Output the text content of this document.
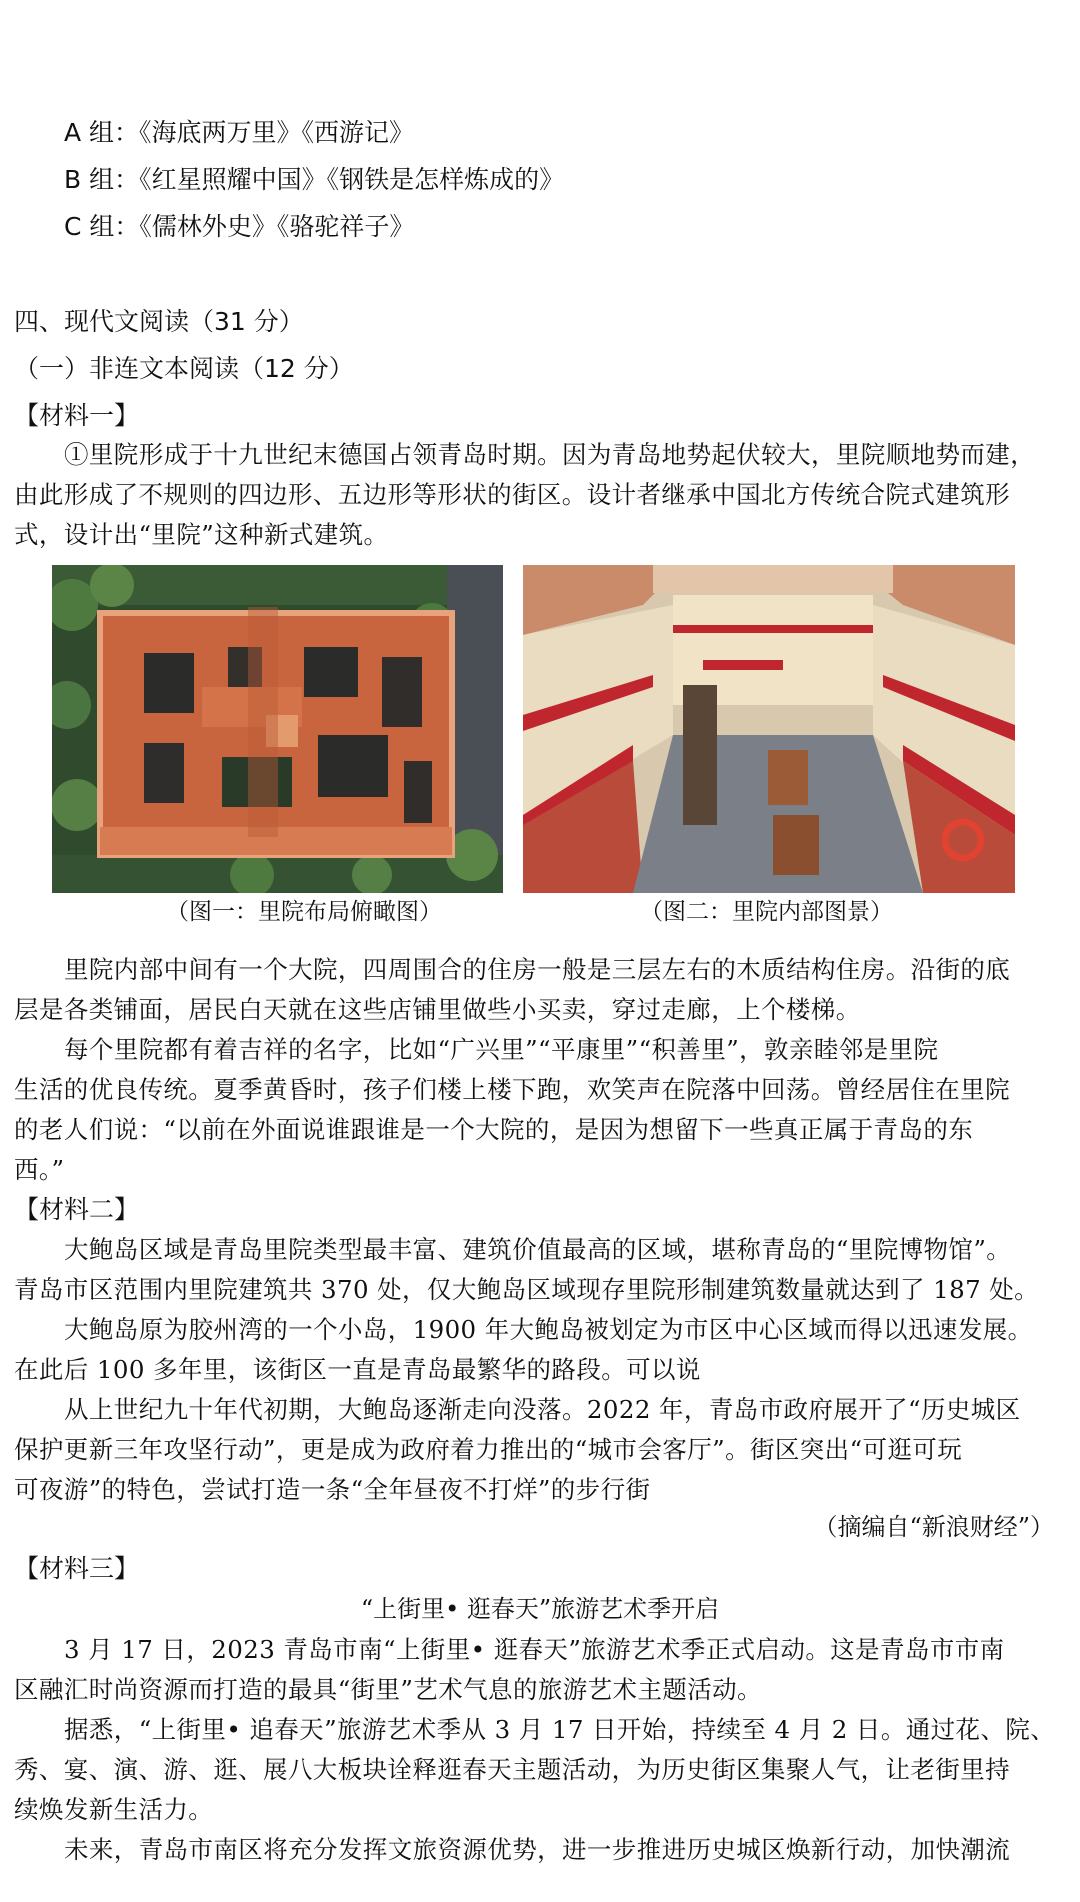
A 组：《海底两万里》《西游记》
B 组：《红星照耀中国》《钢铁是怎样炼成的》
C 组：《儒林外史》《骆驼祥子》
四、现代文阅读（31 分）
（一）非连文本阅读（12 分）
【材料一】
①里院形成于十九世纪末德国占领青岛时期。因为青岛地势起伏较大，里院顺地势而建，
由此形成了不规则的四边形、五边形等形状的街区。设计者继承中国北方传统合院式建筑形
式，设计出“里院”这种新式建筑。
（图一：里院布局俯瞰图）	（图二：里院内部图景）
里院内部中间有一个大院，四周围合的住房一般是三层左右的木质结构住房。沿街的底
层是各类铺面，居民白天就在这些店铺里做些小买卖，穿过走廊，上个楼梯。
每个里院都有着吉祥的名字，比如“广兴里”“平康里”“积善里”，敦亲睦邻是里院
生活的优良传统。夏季黄昏时，孩子们楼上楼下跑，欢笑声在院落中回荡。曾经居住在里院
的老人们说：“以前在外面说谁跟谁是一个大院的，是因为想留下一些真正属于青岛的东
西。”
【材料二】
大鲍岛区域是青岛里院类型最丰富、建筑价值最高的区域，堪称青岛的“里院博物馆”。
青岛市区范围内里院建筑共 370 处，仅大鲍岛区域现存里院形制建筑数量就达到了 187 处。
大鲍岛原为胶州湾的一个小岛，1900 年大鲍岛被划定为市区中心区域而得以迅速发展。
在此后 100 多年里，该街区一直是青岛最繁华的路段。可以说
从上世纪九十年代初期，大鲍岛逐渐走向没落。2022 年，青岛市政府展开了“历史城区
保护更新三年攻坚行动”，更是成为政府着力推出的“城市会客厅”。街区突出“可逛可玩
可夜游”的特色，尝试打造一条“全年昼夜不打烊”的步行街
（摘编自“新浪财经”）
【材料三】
“上街里• 逛春天”旅游艺术季开启
3 月 17 日，2023 青岛市南“上街里• 逛春天”旅游艺术季正式启动。这是青岛市市南
区融汇时尚资源而打造的最具“街里”艺术气息的旅游艺术主题活动。
据悉，“上街里• 追春天”旅游艺术季从 3 月 17 日开始，持续至 4 月 2 日。通过花、院、
秀、宴、演、游、逛、展八大板块诠释逛春天主题活动，为历史街区集聚人气，让老街里持
续焕发新生活力。
未来，青岛市南区将充分发挥文旅资源优势，进一步推进历史城区焕新行动，加快潮流
